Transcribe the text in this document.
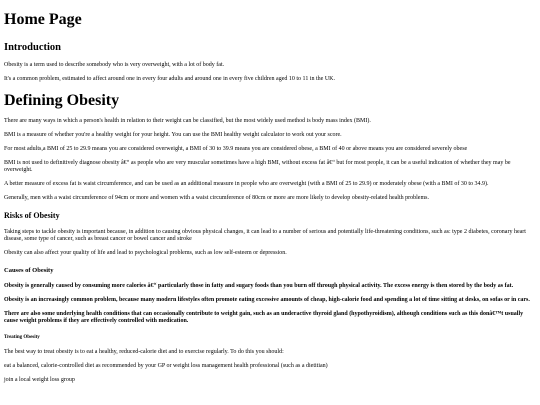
Home Page
Introduction

Obesity is a term used to describe somebody who is very overweight, with a lot of body fat.

It's a common problem, estimated to affect around one in every four adults and around one in every five children aged 10 to 11 in the UK.

Defining Obesity

There are many ways in which a person's health in relation to their weight can be classified, but the most widely used method is body mass index (BMI).

BMI is a measure of whether you're a healthy weight for your height. You can use the BMI healthy weight calculator to work out your score.

For most adults,a BMI of 25 to 29.9 means you are considered overweight, a BMI of 30 to 39.9 means you are considered obese, a BMI of 40 or above means you are considered severely obese

BMI is not used to definitively diagnose obesity â€“ as people who are very muscular sometimes have a high BMI, without excess fat â€“ but for most people, it can be a useful indication of whether they may be overweight.

A better measure of excess fat is waist circumference, and can be used as an additional measure in people who are overweight (with a BMI of 25 to 29.9) or moderately obese (with a BMI of 30 to 34.9).

Generally, men with a waist circumference of 94cm or more and women with a waist circumference of 80cm or more are more likely to develop obesity-related health problems.

Risks of Obesity

Taking steps to tackle obesity is important because, in addition to causing obvious physical changes, it can lead to a number of serious and potentially life-threatening conditions, such as: type 2 diabetes, coronary heart disease, some type of cancer, such as breast cancer or bowel cancer and stroke

Obesity can also affect your quality of life and lead to psychological problems, such as low self-esteem or depression.

Causes of Obesity

Obesity is generally caused by consuming more calories â€“ particularly those in fatty and sugary foods than you burn off through physical activity. The excess energy is then stored by the body as fat.

Obesity is an increasingly common problem, because many modern lifestyles often promote eating excessive amounts of cheap, high-calorie food and spending a lot of time sitting at desks, on sofas or in cars.

There are also some underlying health conditions that can occasionally contribute to weight gain, such as an underactive thyroid gland (hypothyroidism), although conditions such as this donâ€™t usually cause weight problems if they are effectively controlled with medication.

Treating Obesity

The best way to treat obesity is to eat a healthy, reduced-calorie diet and to exercise regularly. To do this you should:

eat a balanced, calorie-controlled diet as recommended by your GP or weight loss management health professional (such as a dietitian)

join a local weight loss group
